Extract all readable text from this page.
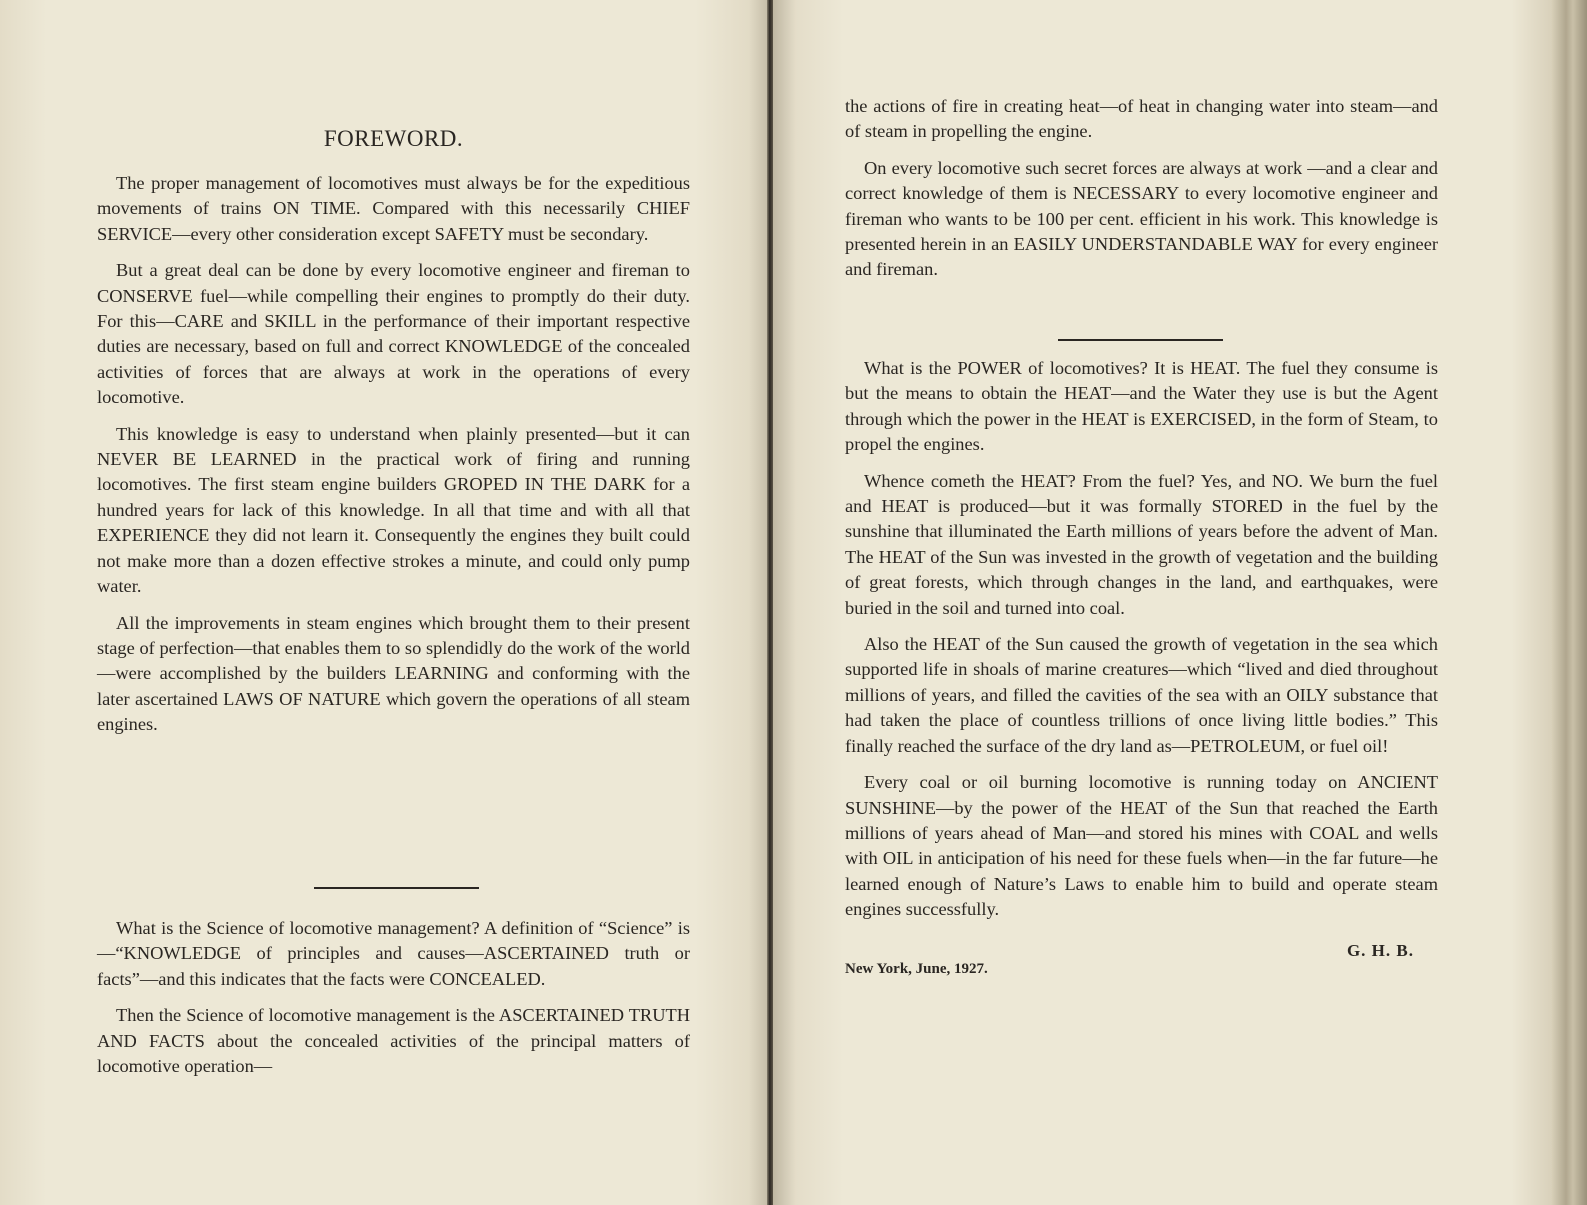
FOREWORD.

The proper management of locomotives must always be for the expeditious movements of trains ON TIME. Compared with this necessarily CHIEF SERVICE—every other consideration except SAFETY must be secondary.

But a great deal can be done by every locomotive engineer and fireman to CONSERVE fuel—while compelling their engines to promptly do their duty. For this—CARE and SKILL in the performance of their important respective duties are necessary, based on full and correct KNOWLEDGE of the concealed activities of forces that are always at work in the operations of every locomotive.

This knowledge is easy to understand when plainly presented—but it can NEVER BE LEARNED in the practical work of firing and running locomotives. The first steam engine builders GROPED IN THE DARK for a hundred years for lack of this knowledge. In all that time and with all that EXPERIENCE they did not learn it. Consequently the engines they built could not make more than a dozen effective strokes a minute, and could only pump water.

All the improvements in steam engines which brought them to their present stage of perfection—that enables them to so splendidly do the work of the world—were accomplished by the builders LEARNING and conforming with the later ascertained LAWS OF NATURE which govern the operations of all steam engines.

What is the Science of locomotive management? A definition of “Science” is—“KNOWLEDGE of principles and causes—ASCERTAINED truth or facts”—and this indicates that the facts were CONCEALED.

Then the Science of locomotive management is the ASCERTAINED TRUTH AND FACTS about the concealed activities of the principal matters of locomotive operation—

the actions of fire in creating heat—of heat in changing water into steam—and of steam in propelling the engine.

On every locomotive such secret forces are always at work —and a clear and correct knowledge of them is NECESSARY to every locomotive engineer and fireman who wants to be 100 per cent. efficient in his work. This knowledge is presented herein in an EASILY UNDERSTANDABLE WAY for every engineer and fireman.

What is the POWER of locomotives? It is HEAT. The fuel they consume is but the means to obtain the HEAT—and the Water they use is but the Agent through which the power in the HEAT is EXERCISED, in the form of Steam, to propel the engines.

Whence cometh the HEAT? From the fuel? Yes, and NO. We burn the fuel and HEAT is produced—but it was formally STORED in the fuel by the sunshine that illuminated the Earth millions of years before the advent of Man. The HEAT of the Sun was invested in the growth of vegetation and the building of great forests, which through changes in the land, and earthquakes, were buried in the soil and turned into coal.

Also the HEAT of the Sun caused the growth of vegetation in the sea which supported life in shoals of marine creatures—which “lived and died throughout millions of years, and filled the cavities of the sea with an OILY substance that had taken the place of countless trillions of once living little bodies.” This finally reached the surface of the dry land as—PETROLEUM, or fuel oil!

Every coal or oil burning locomotive is running today on ANCIENT SUNSHINE—by the power of the HEAT of the Sun that reached the Earth millions of years ahead of Man—and stored his mines with COAL and wells with OIL in anticipation of his need for these fuels when—in the far future—he learned enough of Nature’s Laws to enable him to build and operate steam engines successfully.

G. H. B.
New York, June, 1927.
